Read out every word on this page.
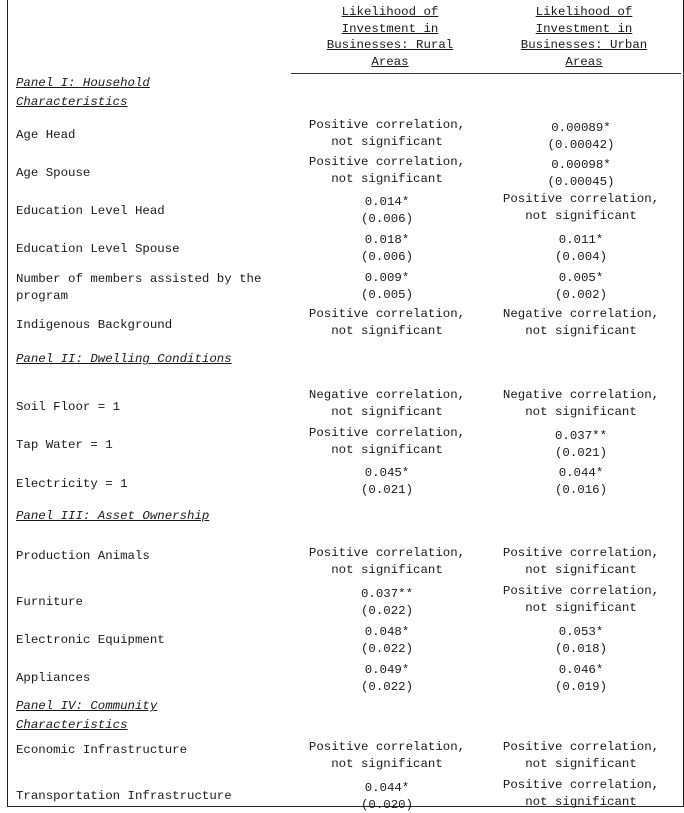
Likelihood of
Investment in
Businesses: Rural
Areas
Likelihood of
Investment in
Businesses: Urban
Areas
Panel I: Household
Characteristics
Age Head
Positive correlation,
not significant
0.00089*
(0.00042)
Age Spouse
Positive correlation,
not significant
0.00098*
(0.00045)
Education Level Head
0.014*
(0.006)
Positive correlation,
not significant
Education Level Spouse
0.018*
(0.006)
0.011*
(0.004)
Number of members assisted by the
program
0.009*
(0.005)
0.005*
(0.002)
Indigenous Background
Positive correlation,
not significant
Negative correlation,
not significant
Panel II: Dwelling Conditions
Soil Floor = 1
Negative correlation,
not significant
Negative correlation,
not significant
Tap Water = 1
Positive correlation,
not significant
0.037**
(0.021)
Electricity = 1
0.045*
(0.021)
0.044*
(0.016)
Panel III: Asset Ownership
Production Animals	Positive correlation,
not significant
Positive correlation,
not significant
Furniture
0.037**
(0.022)
Positive correlation,
not significant
Electronic Equipment
0.048*
(0.022)
0.053*
(0.018)
Appliances
0.049*
(0.022)
0.046*
(0.019)
Panel IV: Community
Characteristics
Economic Infrastructure	Positive correlation,
not significant
Positive correlation,
not significant
Transportation Infrastructure
0.044*
(0.020)
Positive correlation,
not significant
